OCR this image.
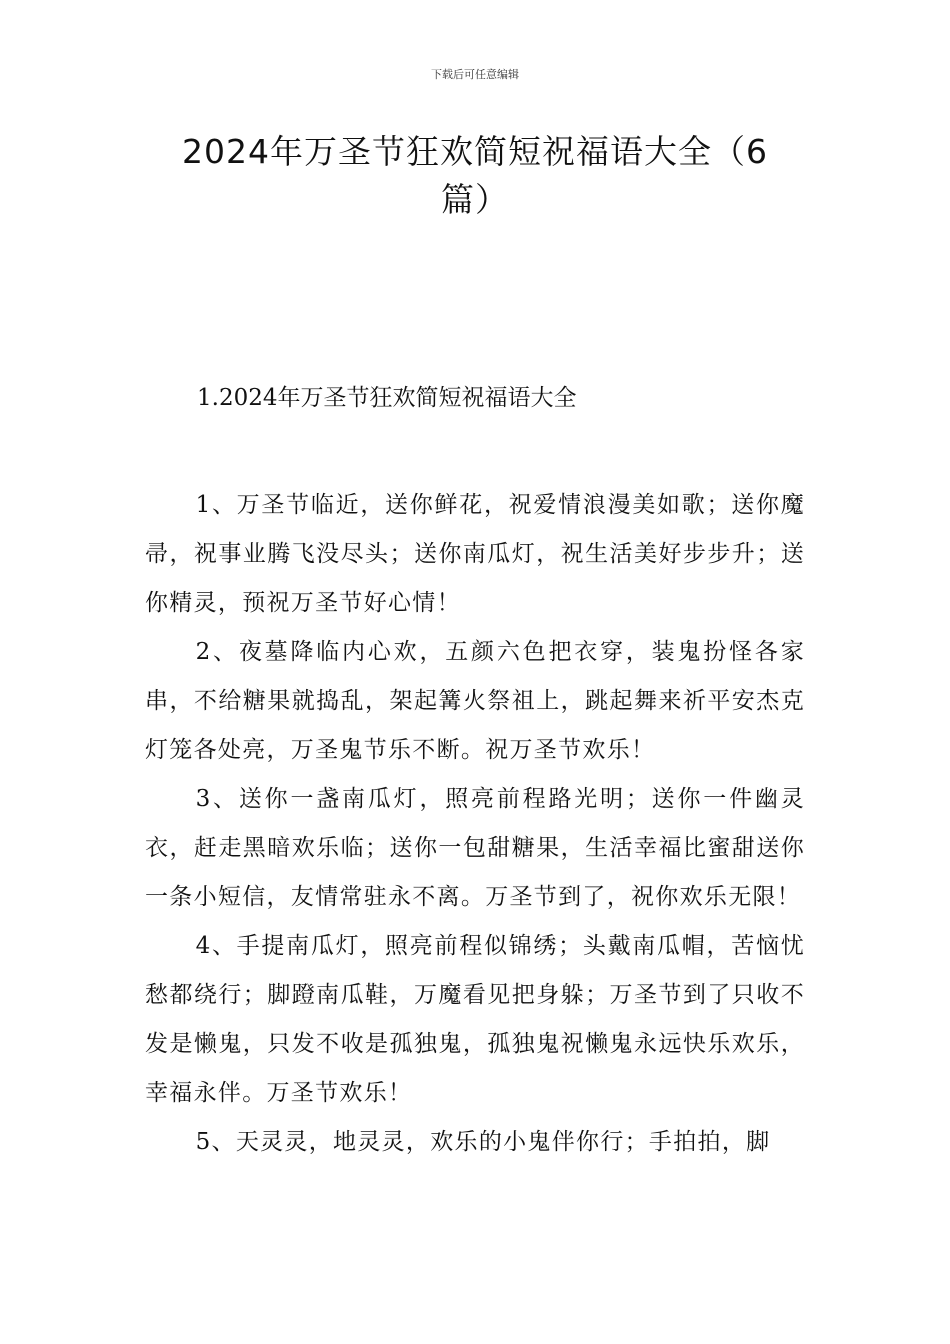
下载后可任意编辑
2024年万圣节狂欢简短祝福语大全（6篇）
1.2024年万圣节狂欢简短祝福语大全

1、万圣节临近，送你鲜花，祝爱情浪漫美如歌；送你魔帚，祝事业腾飞没尽头；送你南瓜灯，祝生活美好步步升；送你精灵，预祝万圣节好心情！

2、夜墓降临内心欢，五颜六色把衣穿，装鬼扮怪各家串，不给糖果就捣乱，架起篝火祭祖上，跳起舞来祈平安杰克灯笼各处亮，万圣鬼节乐不断。祝万圣节欢乐！

3、送你一盏南瓜灯，照亮前程路光明；送你一件幽灵衣，赶走黑暗欢乐临；送你一包甜糖果，生活幸福比蜜甜送你一条小短信，友情常驻永不离。万圣节到了，祝你欢乐无限！

4、手提南瓜灯，照亮前程似锦绣；头戴南瓜帽，苦恼忧愁都绕行；脚蹬南瓜鞋，万魔看见把身躲；万圣节到了只收不发是懒鬼，只发不收是孤独鬼，孤独鬼祝懒鬼永远快乐欢乐，幸福永伴。万圣节欢乐！

5、天灵灵，地灵灵，欢乐的小鬼伴你行；手拍拍，脚
